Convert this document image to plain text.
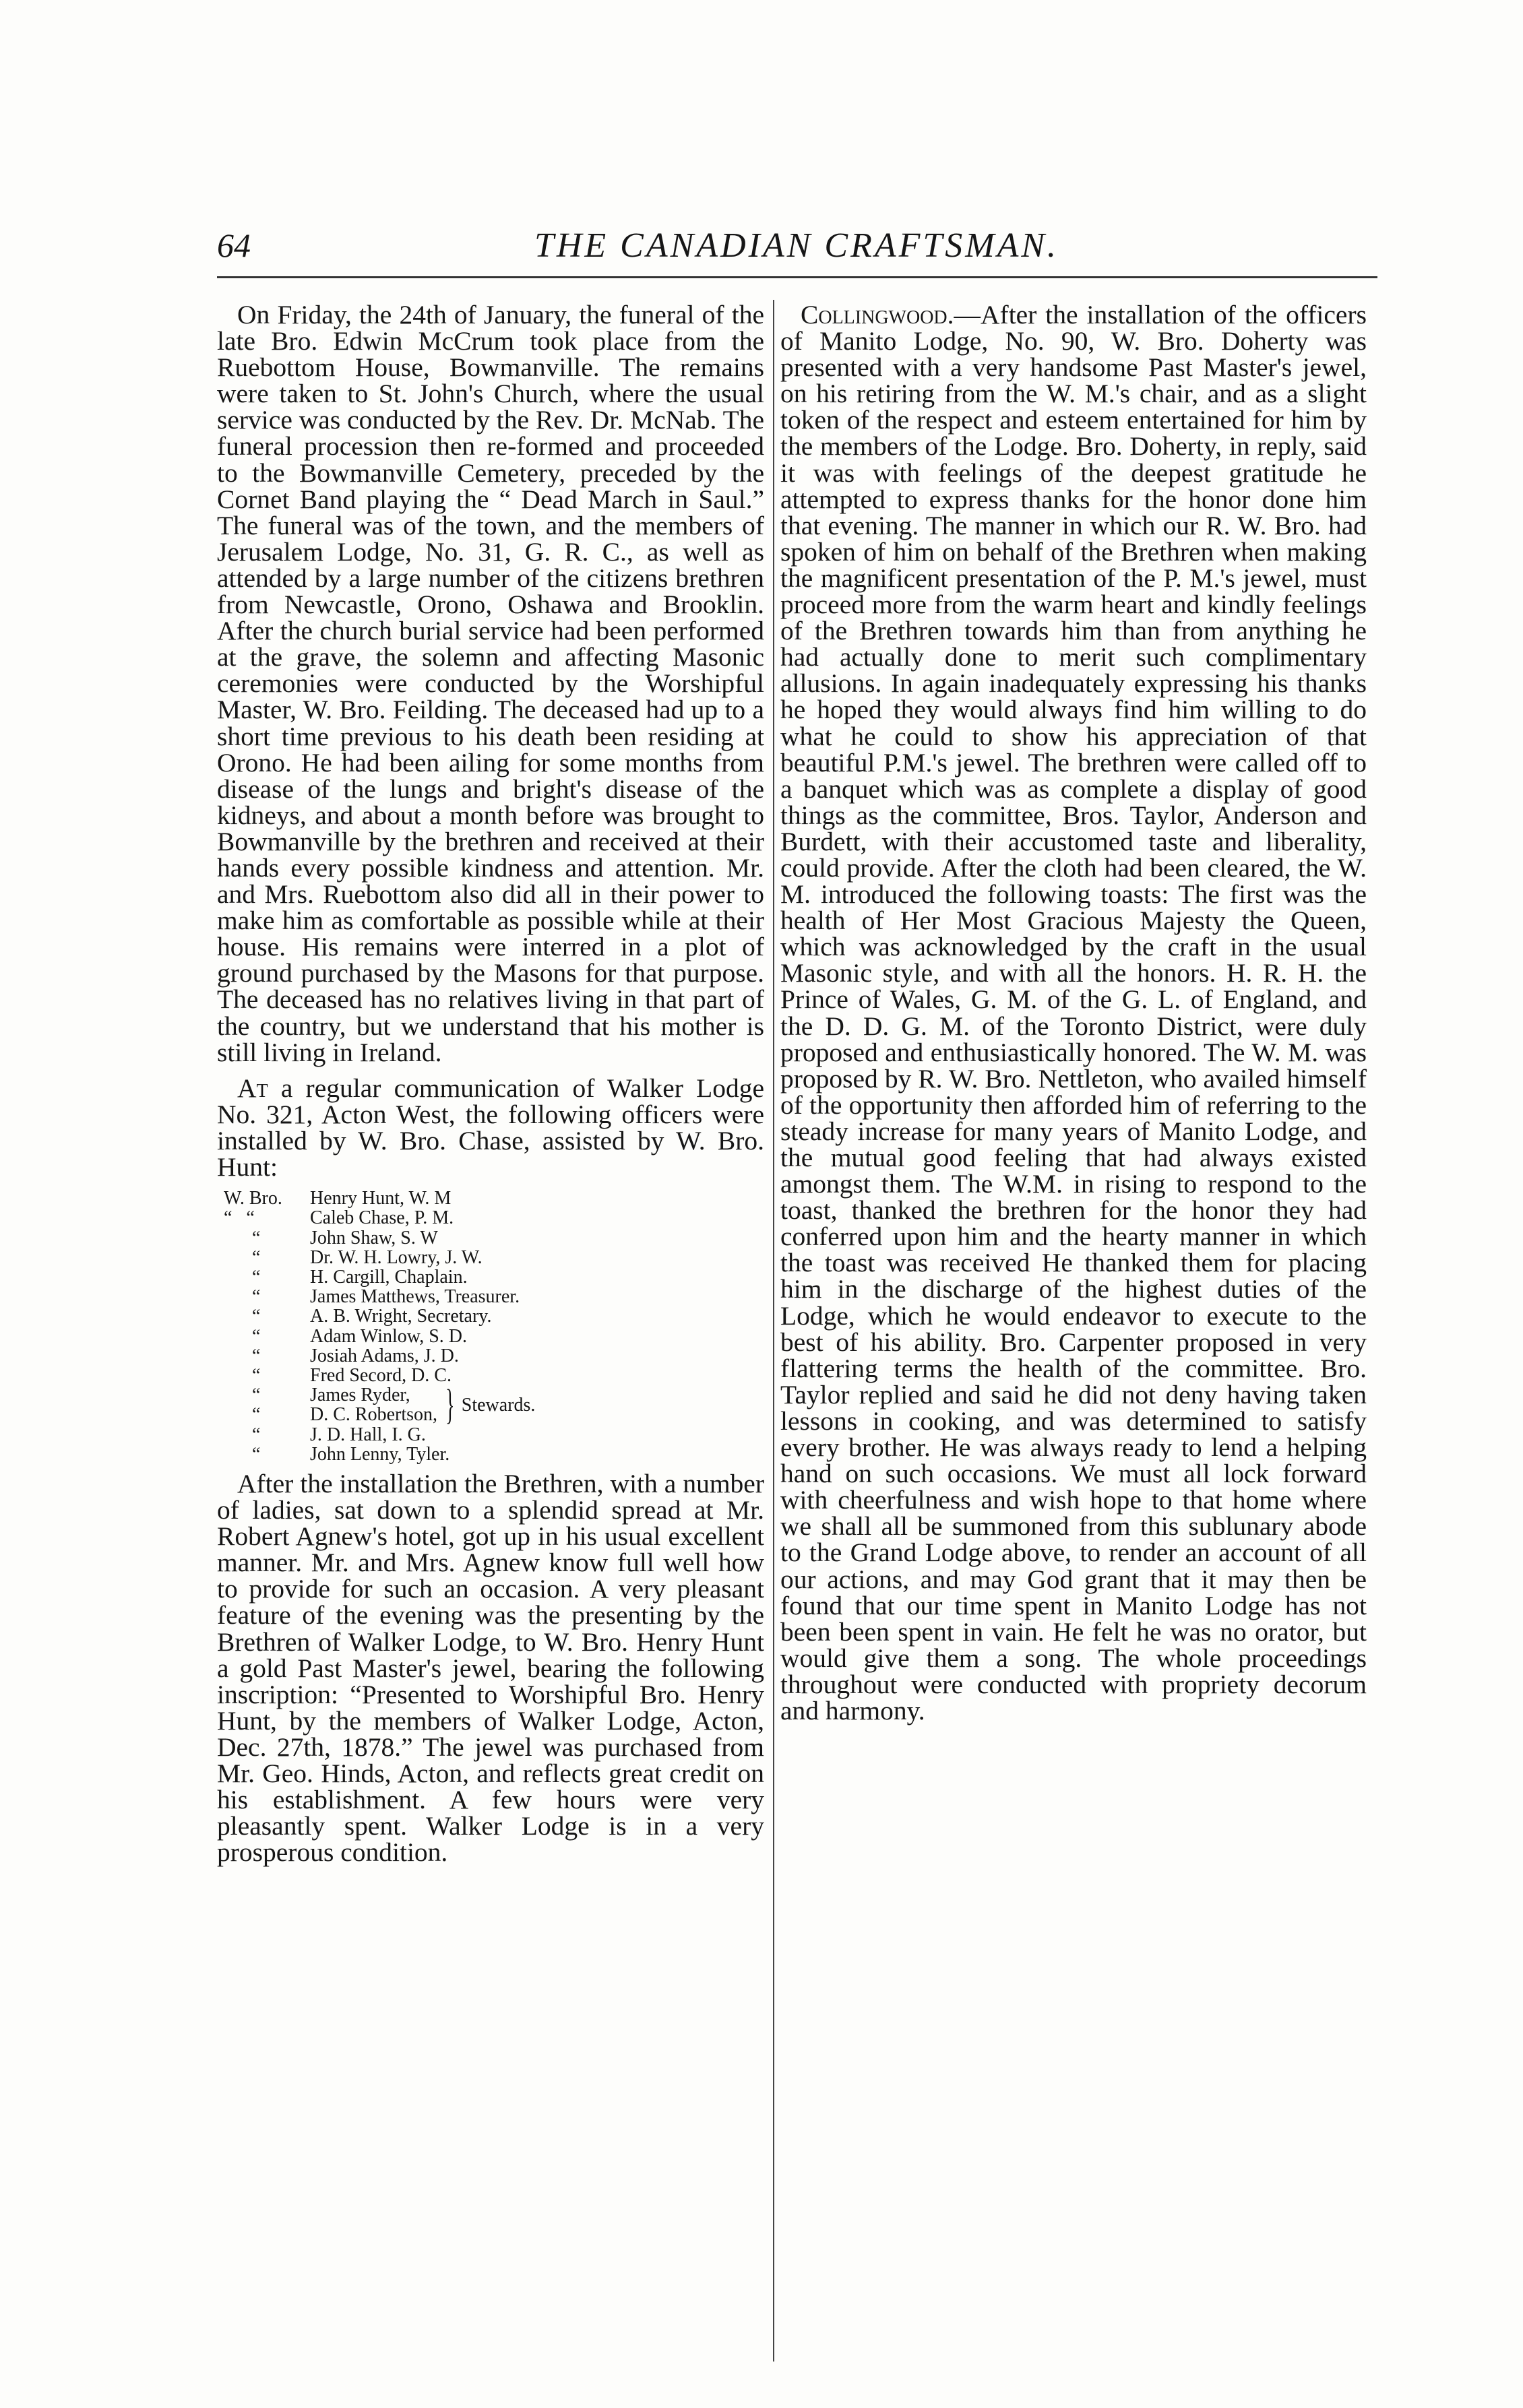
64	THE CANADIAN CRAFTSMAN.

On Friday, the 24th of January, the funeral of the late Bro. Edwin McCrum took place from the Ruebottom House, Bowmanville. The remains were taken to St. John's Church, where the usual service was conducted by the Rev. Dr. McNab. The funeral procession then re-formed and proceeded to the Bowmanville Cemetery, preceded by the Cornet Band playing the “ Dead March in Saul.” The funeral was of the town, and the members of Jerusalem Lodge, No. 31, G. R. C., as well as attended by a large number of the citizens brethren from Newcastle, Orono, Oshawa and Brooklin. After the church burial service had been performed at the grave, the solemn and affecting Masonic ceremonies were conducted by the Worshipful Master, W. Bro. Feilding. The deceased had up to a short time previous to his death been residing at Orono. He had been ailing for some months from disease of the lungs and bright's disease of the kidneys, and about a month before was brought to Bowmanville by the brethren and received at their hands every possible kindness and attention. Mr. and Mrs. Ruebottom also did all in their power to make him as comfortable as possible while at their house. His remains were interred in a plot of ground purchased by the Masons for that purpose. The deceased has no relatives living in that part of the country, but we understand that his mother is still living in Ireland.

At a regular communication of Walker Lodge No. 321, Acton West, the following officers were installed by W. Bro. Chase, assisted by W. Bro. Hunt:

W. Bro.	Henry Hunt, W. M
“   “	Caleb Chase, P. M.
“	John Shaw, S. W
“	Dr. W. H. Lowry, J. W.
“	H. Cargill, Chaplain.
“	James Matthews, Treasurer.
“	A. B. Wright, Secretary.
“	Adam Winlow, S. D.
“	Josiah Adams, J. D.
“	Fred Secord, D. C.
“	James Ryder,
“	D. C. Robertson, } Stewards.
“	J. D. Hall, I. G.
“	John Lenny, Tyler.

After the installation the Brethren, with a number of ladies, sat down to a splendid spread at Mr. Robert Agnew's hotel, got up in his usual excellent manner. Mr. and Mrs. Agnew know full well how to provide for such an occasion. A very pleasant feature of the evening was the presenting by the Brethren of Walker Lodge, to W. Bro. Henry Hunt a gold Past Master's jewel, bearing the following inscription: “Presented to Worshipful Bro. Henry Hunt, by the members of Walker Lodge, Acton, Dec. 27th, 1878.” The jewel was purchased from Mr. Geo. Hinds, Acton, and reflects great credit on his establishment. A few hours were very pleasantly spent. Walker Lodge is in a very prosperous condition.

Collingwood.—After the installation of the officers of Manito Lodge, No. 90, W. Bro. Doherty was presented with a very handsome Past Master's jewel, on his retiring from the W. M.'s chair, and as a slight token of the respect and esteem entertained for him by the members of the Lodge. Bro. Doherty, in reply, said it was with feelings of the deepest gratitude he attempted to express thanks for the honor done him that evening. The manner in which our R. W. Bro. had spoken of him on behalf of the Brethren when making the magnificent presentation of the P. M.'s jewel, must proceed more from the warm heart and kindly feelings of the Brethren towards him than from anything he had actually done to merit such complimentary allusions. In again inadequately expressing his thanks he hoped they would always find him willing to do what he could to show his appreciation of that beautiful P.M.'s jewel. The brethren were called off to a banquet which was as complete a display of good things as the committee, Bros. Taylor, Anderson and Burdett, with their accustomed taste and liberality, could provide. After the cloth had been cleared, the W. M. introduced the following toasts: The first was the health of Her Most Gracious Majesty the Queen, which was acknowledged by the craft in the usual Masonic style, and with all the honors. H. R. H. the Prince of Wales, G. M. of the G. L. of England, and the D. D. G. M. of the Toronto District, were duly proposed and enthusiastically honored. The W. M. was proposed by R. W. Bro. Nettleton, who availed himself of the opportunity then afforded him of referring to the steady increase for many years of Manito Lodge, and the mutual good feeling that had always existed amongst them. The W.M. in rising to respond to the toast, thanked the brethren for the honor they had conferred upon him and the hearty manner in which the toast was received He thanked them for placing him in the discharge of the highest duties of the Lodge, which he would endeavor to execute to the best of his ability. Bro. Carpenter proposed in very flattering terms the health of the committee. Bro. Taylor replied and said he did not deny having taken lessons in cooking, and was determined to satisfy every brother. He was always ready to lend a helping hand on such occasions. We must all lock forward with cheerfulness and wish hope to that home where we shall all be summoned from this sublunary abode to the Grand Lodge above, to render an account of all our actions, and may God grant that it may then be found that our time spent in Manito Lodge has not been been spent in vain. He felt he was no orator, but would give them a song. The whole proceedings throughout were conducted with propriety decorum and harmony.
